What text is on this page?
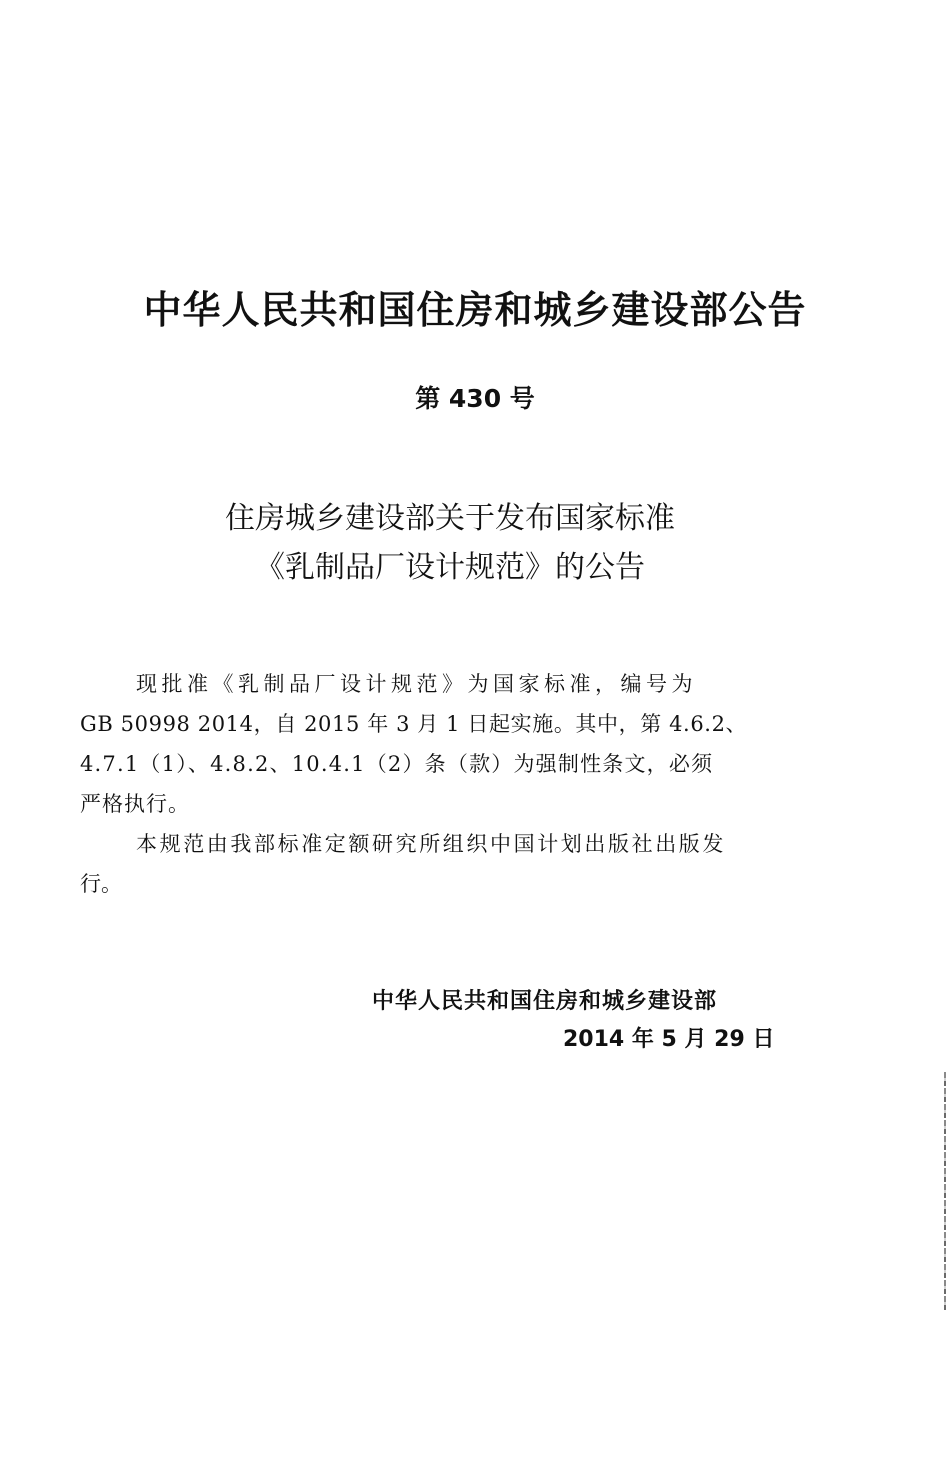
中华人民共和国住房和城乡建设部公告
第 430 号
住房城乡建设部关于发布国家标准
《乳制品厂设计规范》的公告
现批准《乳制品厂设计规范》为国家标准，编号为
GB 50998 2014，自 2015 年 3 月 1 日起实施。其中，第 4.6.2、
4.7.1（1）、4.8.2、10.4.1（2）条（款）为强制性条文，必须
严格执行。
本规范由我部标准定额研究所组织中国计划出版社出版发
行。
中华人民共和国住房和城乡建设部
2014 年 5 月 29 日
